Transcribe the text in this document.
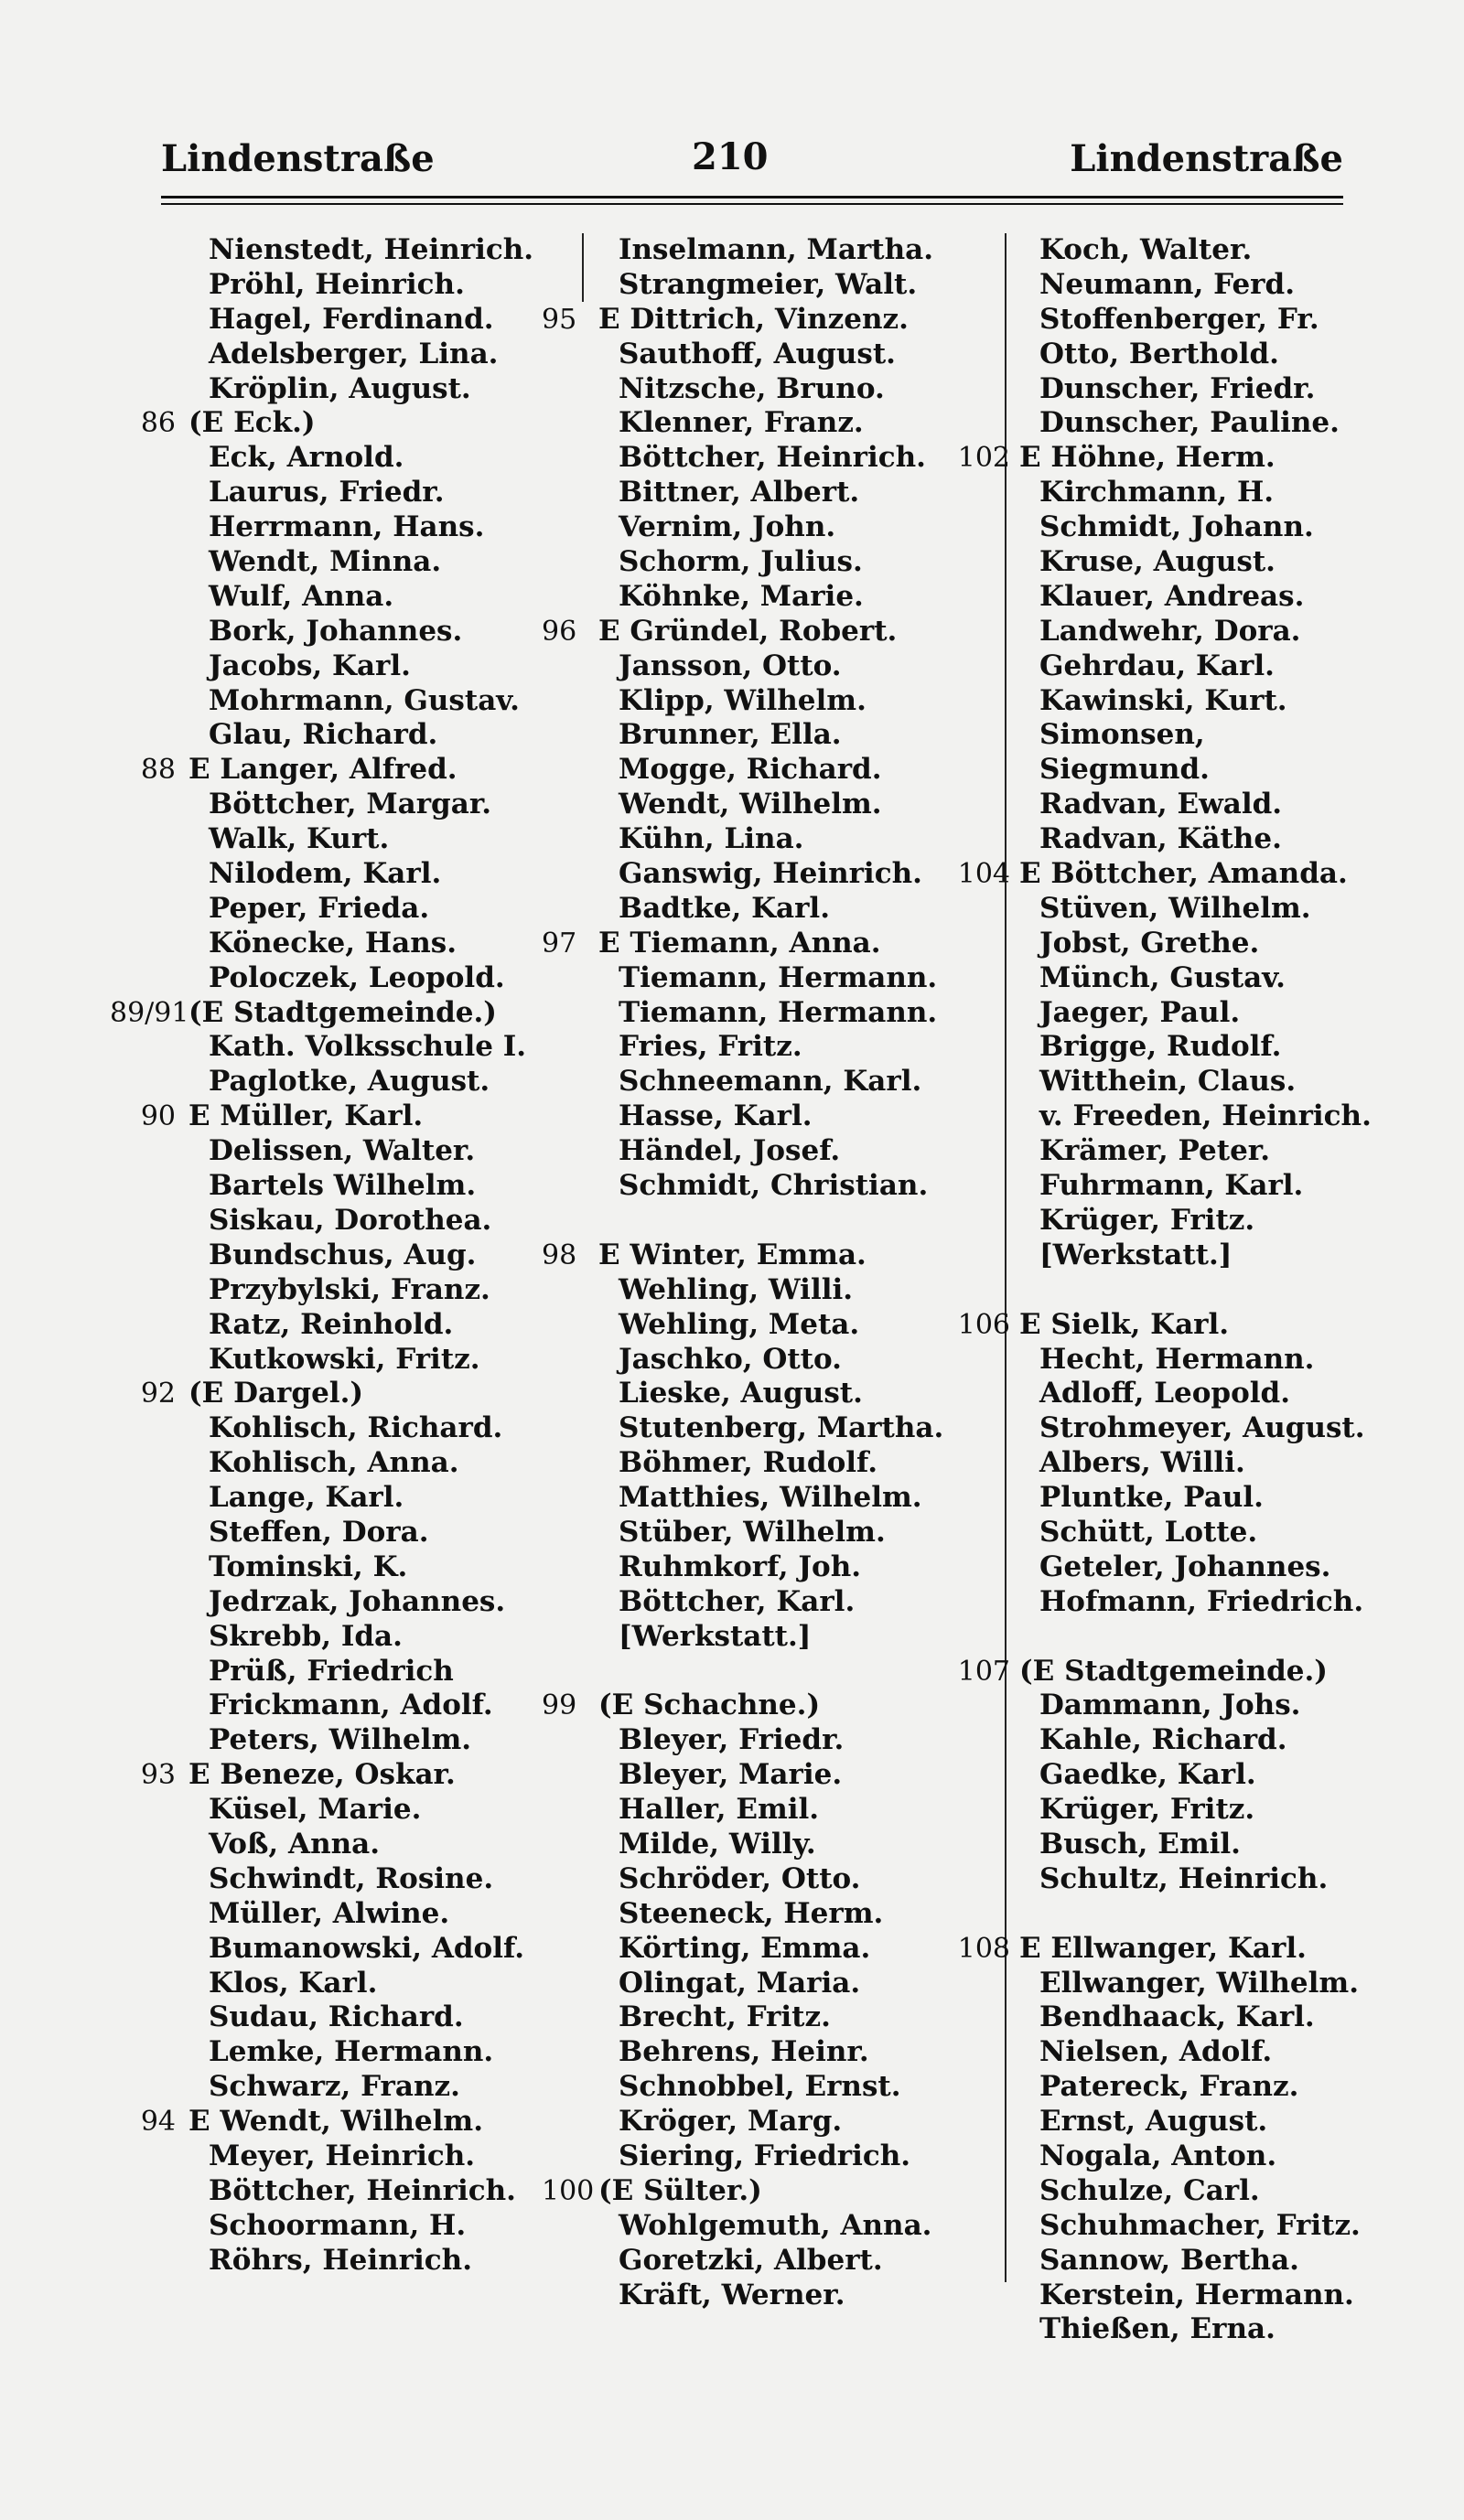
Lindenstraße	210	Lindenstraße
Nienstedt, Heinrich.
Pröhl, Heinrich.
Hagel, Ferdinand.
Adelsberger, Lina.
Kröplin, August.
86 (E Eck.)
Eck, Arnold.
Laurus, Friedr.
Herrmann, Hans.
Wendt, Minna.
Wulf, Anna.
Bork, Johannes.
Jacobs, Karl.
Mohrmann, Gustav.
Glau, Richard.
88 E Langer, Alfred.
Böttcher, Margar.
Walk, Kurt.
Nilodem, Karl.
Peper, Frieda.
Könecke, Hans.
Poloczek, Leopold.
89/91 (E Stadtgemeinde.)
Kath. Volksschule I.
Paglotke, August.
90 E Müller, Karl.
Delissen, Walter.
Bartels Wilhelm.
Siskau, Dorothea.
Bundschus, Aug.
Przybylski, Franz.
Ratz, Reinhold.
Kutkowski, Fritz.
92 (E Dargel.)
Kohlisch, Richard.
Kohlisch, Anna.
Lange, Karl.
Steffen, Dora.
Tominski, K.
Jedrzak, Johannes.
Skrebb, Ida.
Prüß, Friedrich
Frickmann, Adolf.
Peters, Wilhelm.
93 E Beneze, Oskar.
Küsel, Marie.
Voß, Anna.
Schwindt, Rosine.
Müller, Alwine.
Bumanowski, Adolf.
Klos, Karl.
Sudau, Richard.
Lemke, Hermann.
Schwarz, Franz.
94 E Wendt, Wilhelm.
Meyer, Heinrich.
Böttcher, Heinrich.
Schoormann, H.
Röhrs, Heinrich.
Inselmann, Martha.
Strangmeier, Walt.
95 E Dittrich, Vinzenz.
Sauthoff, August.
Nitzsche, Bruno.
Klenner, Franz.
Böttcher, Heinrich.
Bittner, Albert.
Vernim, John.
Schorm, Julius.
Köhnke, Marie.
96 E Gründel, Robert.
Jansson, Otto.
Klipp, Wilhelm.
Brunner, Ella.
Mogge, Richard.
Wendt, Wilhelm.
Kühn, Lina.
Ganswig, Heinrich.
Badtke, Karl.
97 E Tiemann, Anna.
Tiemann, Hermann.
Tiemann, Hermann.
Fries, Fritz.
Schneemann, Karl.
Hasse, Karl.
Händel, Josef.
Schmidt, Christian.
98 E Winter, Emma.
Wehling, Willi.
Wehling, Meta.
Jaschko, Otto.
Lieske, August.
Stutenberg, Martha.
Böhmer, Rudolf.
Matthies, Wilhelm.
Stüber, Wilhelm.
Ruhmkorf, Joh.
Böttcher, Karl.
[Werkstatt.]
99 (E Schachne.)
Bleyer, Friedr.
Bleyer, Marie.
Haller, Emil.
Milde, Willy.
Schröder, Otto.
Steeneck, Herm.
Körting, Emma.
Olingat, Maria.
Brecht, Fritz.
Behrens, Heinr.
Schnobbel, Ernst.
Kröger, Marg.
Siering, Friedrich.
100 (E Sülter.)
Wohlgemuth, Anna.
Goretzki, Albert.
Kräft, Werner.
Koch, Walter.
Neumann, Ferd.
Stoffenberger, Fr.
Otto, Berthold.
Dunscher, Friedr.
Dunscher, Pauline.
102 E Höhne, Herm.
Kirchmann, H.
Schmidt, Johann.
Kruse, August.
Klauer, Andreas.
Landwehr, Dora.
Gehrdau, Karl.
Kawinski, Kurt.
Simonsen,
Siegmund.
Radvan, Ewald.
Radvan, Käthe.
104 E Böttcher, Amanda.
Stüven, Wilhelm.
Jobst, Grethe.
Münch, Gustav.
Jaeger, Paul.
Brigge, Rudolf.
Witthein, Claus.
v. Freeden, Heinrich.
Krämer, Peter.
Fuhrmann, Karl.
Krüger, Fritz.
[Werkstatt.]
106 E Sielk, Karl.
Hecht, Hermann.
Adloff, Leopold.
Strohmeyer, August.
Albers, Willi.
Pluntke, Paul.
Schütt, Lotte.
Geteler, Johannes.
Hofmann, Friedrich.
107 (E Stadtgemeinde.)
Dammann, Johs.
Kahle, Richard.
Gaedke, Karl.
Krüger, Fritz.
Busch, Emil.
Schultz, Heinrich.
108 E Ellwanger, Karl.
Ellwanger, Wilhelm.
Bendhaack, Karl.
Nielsen, Adolf.
Patereck, Franz.
Ernst, August.
Nogala, Anton.
Schulze, Carl.
Schuhmacher, Fritz.
Sannow, Bertha.
Kerstein, Hermann.
Thießen, Erna.
